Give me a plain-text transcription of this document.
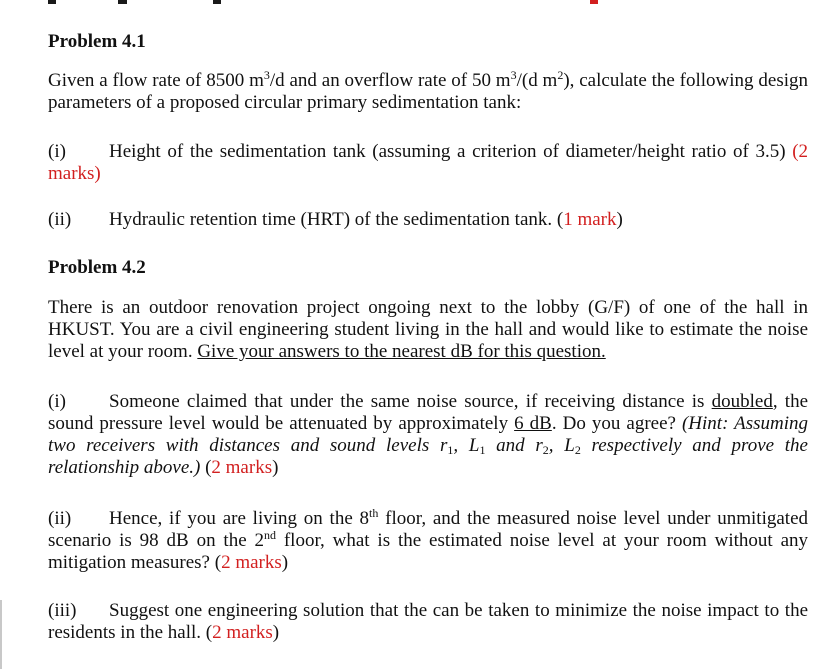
Problem 4.1
Given a flow rate of 8500 $m^3/d$ and an overflow rate of 50 $m^3/(d$ $m^2$), calculate the following design parameters of a proposed circular primary sedimentation tank:
(i) Height of the sedimentation tank (assuming a criterion of diameter/height ratio of 3.5) (2 marks)
(ii) Hydraulic retention time (HRT) of the sedimentation tank. (1 mark)
Problem 4.2
There is an outdoor renovation project ongoing next to the lobby (G/F) of one of the hall in HKUST. You are a civil engineering student living in the hall and would like to estimate the noise level at your room. Give your answers to the nearest dB for this question.
(i) Someone claimed that under the same noise source, if receiving distance is doubled, the sound pressure level would be attenuated by approximately 6 dB. Do you agree? (Hint: Assuming two receivers with distances and sound levels $r_1$, $L_1$ and $r_2$, $L_2$ respectively and prove the relationship above.) (2 marks)
(ii) Hence, if you are living on the 8th floor, and the measured noise level under unmitigated scenario is 98 dB on the 2nd floor, what is the estimated noise level at your room without any mitigation measures? (2 marks)
(iii) Suggest one engineering solution that the can be taken to minimize the noise impact to the residents in the hall. (2 marks)
